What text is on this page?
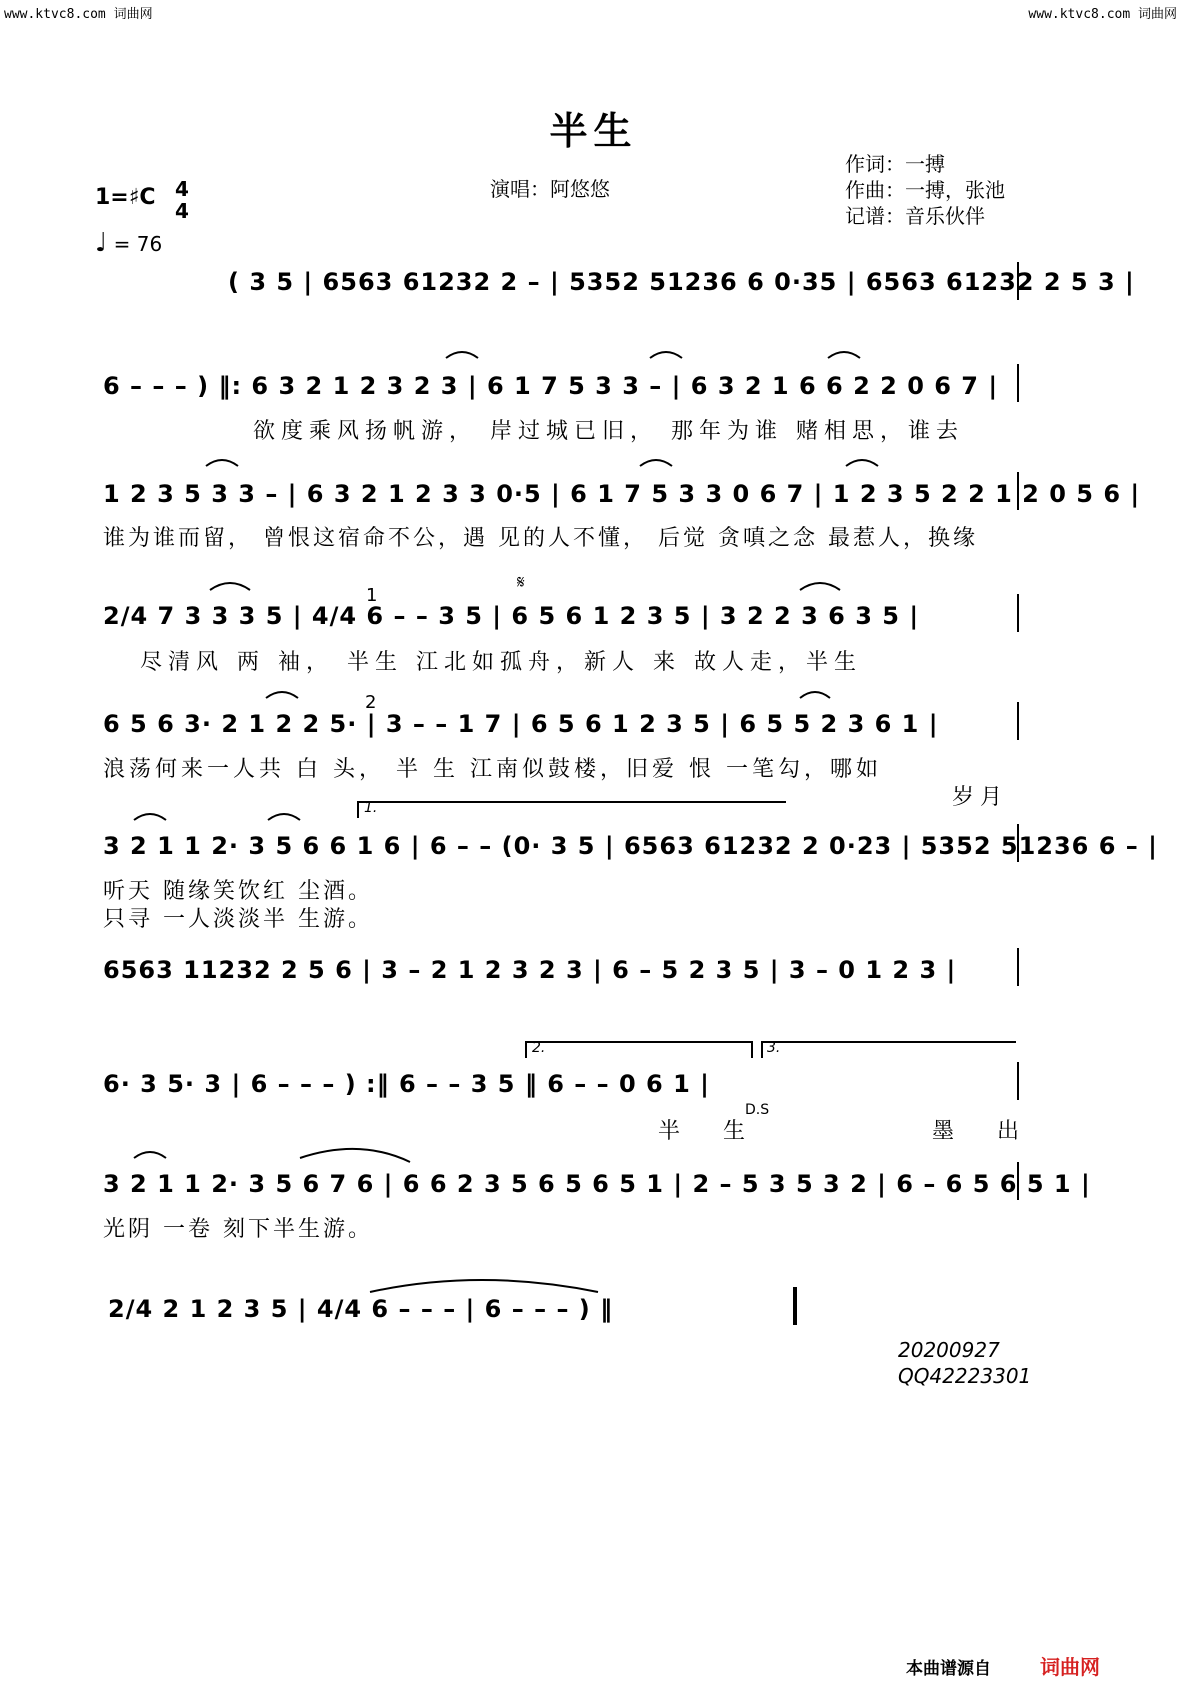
www.ktvc8.com 词曲网	www.ktvc8.com 词曲网
半生
演唱：阿悠悠
作词：一搏
作曲：一搏，张池
记谱：音乐伙伴
1=♯C 4
4
♩ = 76
( 3 5 | 6563 61232 2 – | 5352 51236 6 0·35 | 6563 61232 2 5 3 |
6 – – – ) ‖: 6 3 2 1 2 3 2 3 | 6 1 7 5 3 3 – | 6 3 2 1 6 6 2 2 0 6 7 |
欲度乘风扬帆游， 岸过城已旧， 那年为谁 赌相思，谁去
1 2 3 5 3 3 – | 6 3 2 1 2 3 3 0·5 | 6 1 7 5 3 3 0 6 7 | 1 2 3 5 2 2 1 2 0 5 6 |
谁为谁而留， 曾恨这宿命不公，遇 见的人不懂， 后觉 贪嗔之念 最惹人，换缘
2/4 7 3 3 3 5 | 4/4 6 – – 3 5 | 6 5 6 1 2 3 5 | 3 2 2 3 6 3 5 |
尽清风 两 袖， 半生 江北如孤舟，新人 来 故人走，半生
1
𝄋
6 5 6 3· 2 1 2 2 5· | 3 – – 1 7 | 6 5 6 1 2 3 5 | 6 5 5 2 3 6 1 |
浪荡何来一人共 白 头， 半 生 江南似鼓楼，旧爱 恨 一笔勾，哪如
岁月
2
3 2 1 1 2· 3 5 6 6 1 6 | 6 – – (0· 3 5 | 6563 61232 2 0·23 | 5352 51236 6 – |
听天 随缘笑饮红 尘酒。
只寻 一人淡淡半 生游。
1.
6563 11232 2 5 6 | 3 – 2 1 2 3 2 3 | 6 – 5 2 3 5 | 3 – 0 1 2 3 |
6· 3 5· 3 | 6 – – – ) :‖ 6 – – 3 5 ‖ 6 – – 0 6 1 |
半 生	墨 出
D.S
2.	3.
3 2 1 1 2· 3 5 6 7 6 | 6 6 2 3 5 6 5 6 5 1 | 2 – 5 3 5 3 2 | 6 – 6 5 6 5 1 |
光阴 一卷 刻下半生游。
2/4 2 1 2 3 5 | 4/4 6 – – – | 6 – – – ) ‖
20200927
QQ42223301
本曲谱源自 词曲网
